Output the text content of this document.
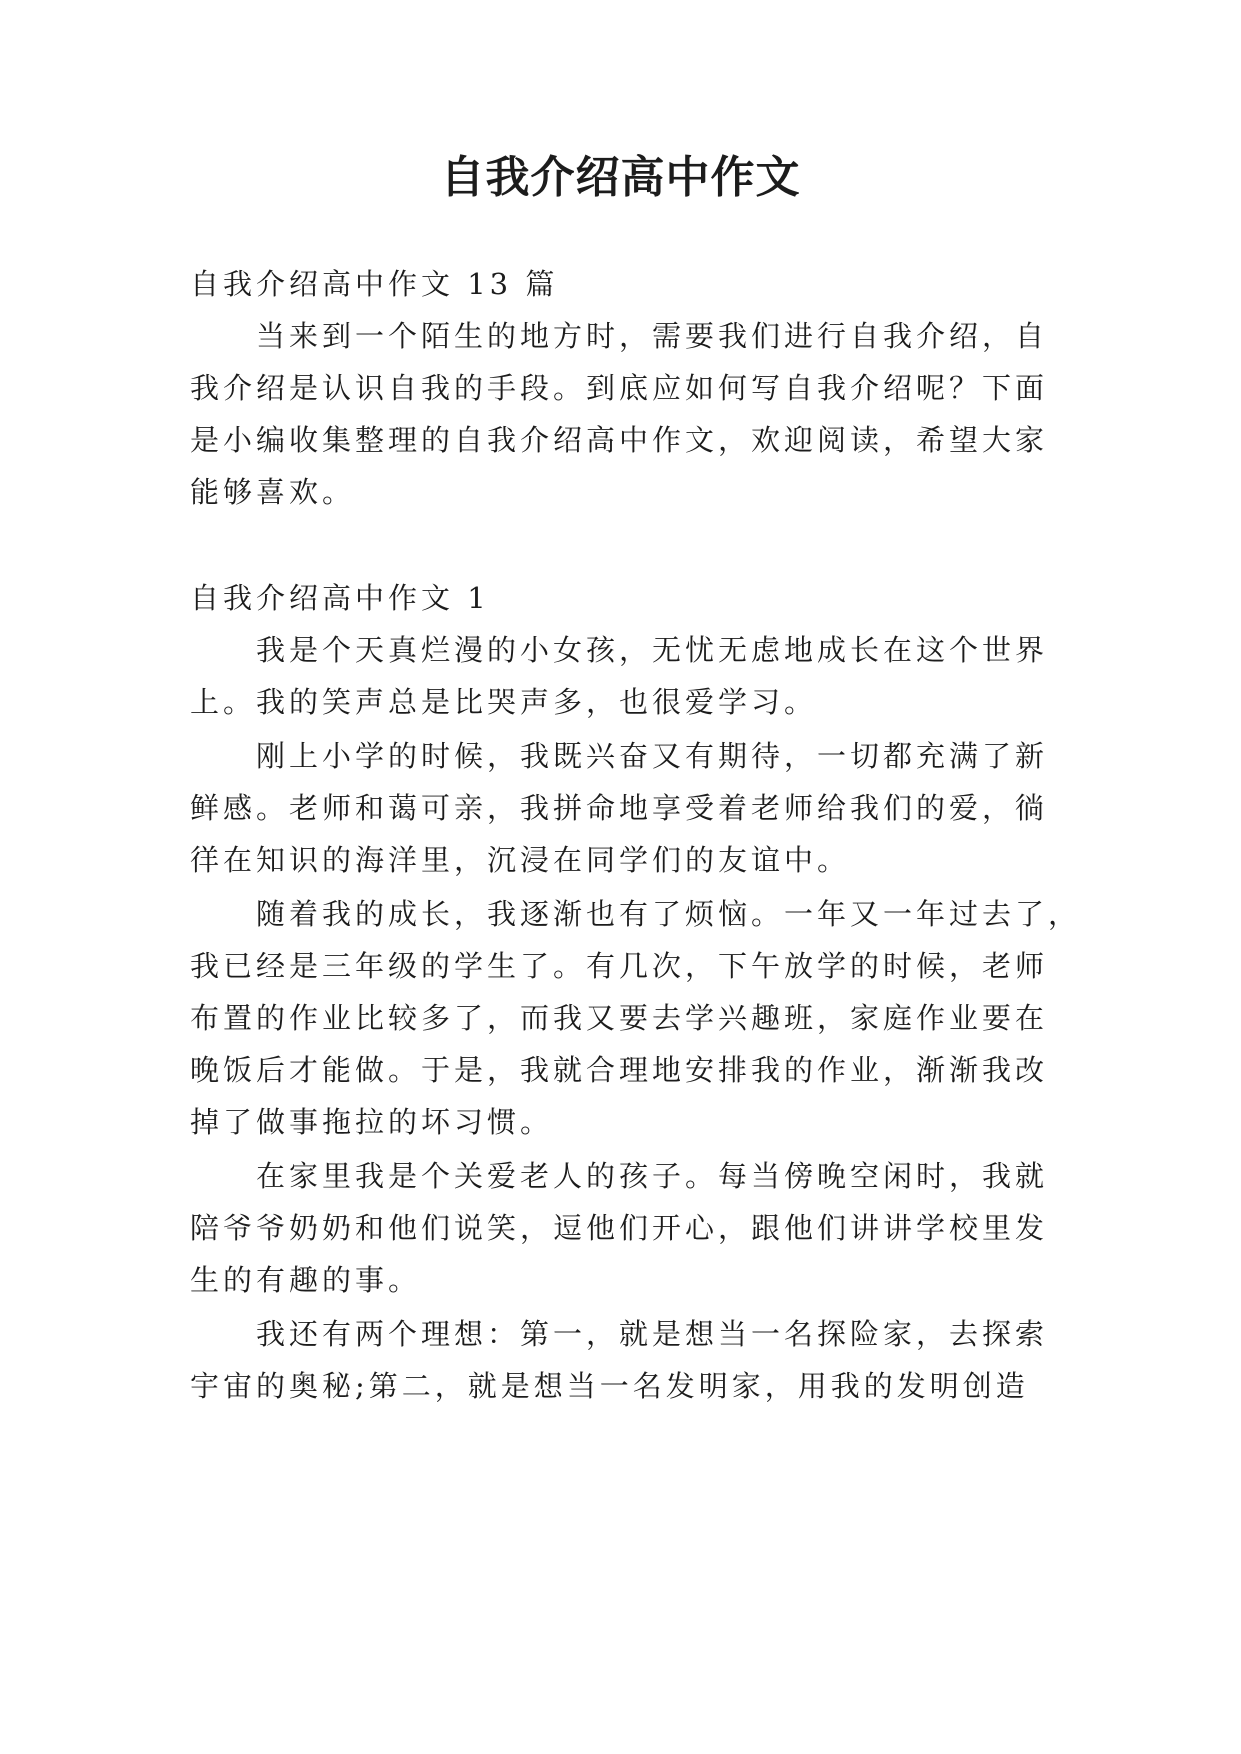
自我介绍高中作文
自我介绍高中作文 13 篇
当来到一个陌生的地方时，需要我们进行自我介绍，自
我介绍是认识自我的手段。到底应如何写自我介绍呢？下面
是小编收集整理的自我介绍高中作文，欢迎阅读，希望大家
能够喜欢。
自我介绍高中作文 1
我是个天真烂漫的小女孩，无忧无虑地成长在这个世界
上。我的笑声总是比哭声多，也很爱学习。
刚上小学的时候，我既兴奋又有期待，一切都充满了新
鲜感。老师和蔼可亲，我拼命地享受着老师给我们的爱，徜
徉在知识的海洋里，沉浸在同学们的友谊中。
随着我的成长，我逐渐也有了烦恼。一年又一年过去了，
我已经是三年级的学生了。有几次，下午放学的时候，老师
布置的作业比较多了，而我又要去学兴趣班，家庭作业要在
晚饭后才能做。于是，我就合理地安排我的作业，渐渐我改
掉了做事拖拉的坏习惯。
在家里我是个关爱老人的孩子。每当傍晚空闲时，我就
陪爷爷奶奶和他们说笑，逗他们开心，跟他们讲讲学校里发
生的有趣的事。
我还有两个理想：第一，就是想当一名探险家，去探索
宇宙的奥秘;第二，就是想当一名发明家，用我的发明创造
